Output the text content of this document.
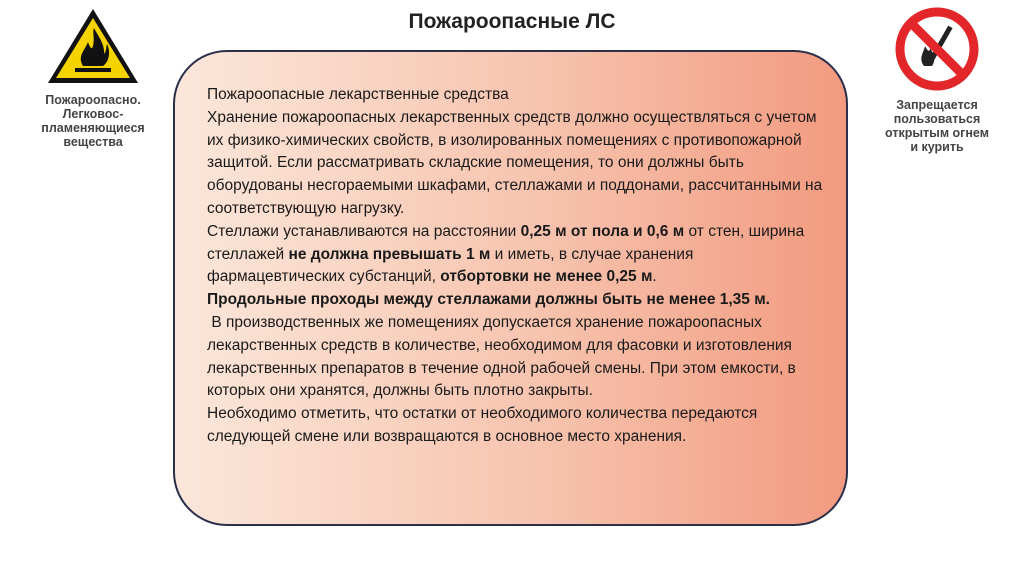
Пожароопасные ЛС
Пожароопасно.
Легковос-
пламеняющиеся
вещества
Запрещается
пользоваться
открытым огнем
и курить

Пожароопасные лекарственные средства

Хранение пожароопасных лекарственных средств должно осуществляться с учетом их физико-химических свойств, в изолированных помещениях с противопожарной защитой. Если рассматривать складские помещения, то они должны быть оборудованы несгораемыми шкафами, стеллажами и поддонами, рассчитанными на соответствующую нагрузку.

Стеллажи устанавливаются на расстоянии 0,25 м от пола и 0,6 м от стен, ширина стеллажей не должна превышать 1 м и иметь, в случае хранения фармацевтических субстанций, отбортовки не менее 0,25 м.

Продольные проходы между стеллажами должны быть не менее 1,35 м.

В производственных же помещениях допускается хранение пожароопасных лекарственных средств в количестве, необходимом для фасовки и изготовления лекарственных препаратов в течение одной рабочей смены. При этом емкости, в которых они хранятся, должны быть плотно закрыты.

Необходимо отметить, что остатки от необходимого количества передаются следующей смене или возвращаются в основное место хранения.
